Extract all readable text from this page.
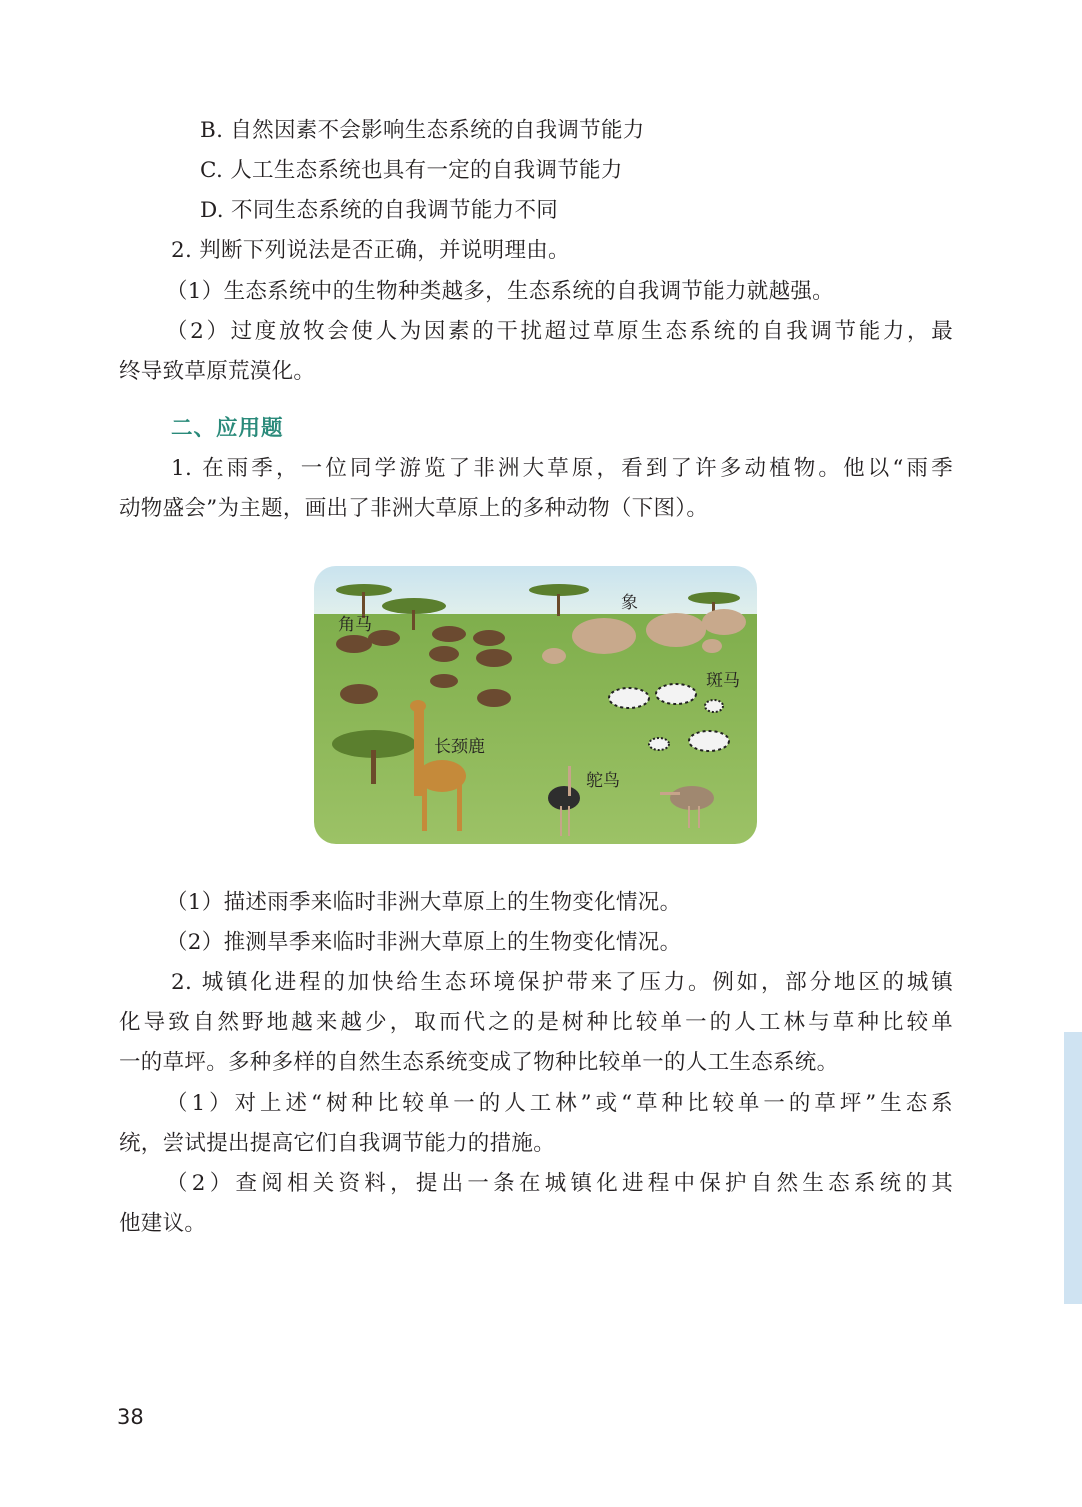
B. 自然因素不会影响生态系统的自我调节能力
C. 人工生态系统也具有一定的自我调节能力
D. 不同生态系统的自我调节能力不同
2. 判断下列说法是否正确，并说明理由。
（1）生态系统中的生物种类越多，生态系统的自我调节能力就越强。
（2）过度放牧会使人为因素的干扰超过草原生态系统的自我调节能力，最
终导致草原荒漠化。
二、应用题
1. 在雨季，一位同学游览了非洲大草原，看到了许多动植物。他以“雨季
动物盛会”为主题，画出了非洲大草原上的多种动物（下图）。
角马
象
斑马
长颈鹿
鸵鸟
（1）描述雨季来临时非洲大草原上的生物变化情况。
（2）推测旱季来临时非洲大草原上的生物变化情况。
2. 城镇化进程的加快给生态环境保护带来了压力。例如，部分地区的城镇
化导致自然野地越来越少，取而代之的是树种比较单一的人工林与草种比较单
一的草坪。多种多样的自然生态系统变成了物种比较单一的人工生态系统。
（1）对上述“树种比较单一的人工林”或“草种比较单一的草坪”生态系
统，尝试提出提高它们自我调节能力的措施。
（2）查阅相关资料，提出一条在城镇化进程中保护自然生态系统的其
他建议。
38
